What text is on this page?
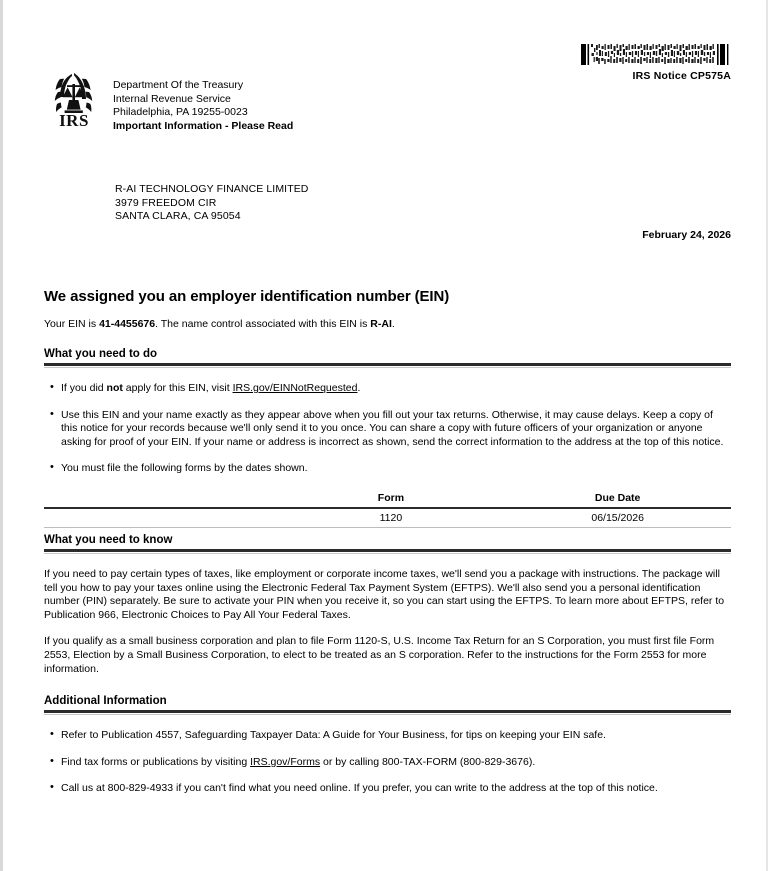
IRS Notice CP575A
IRS
Department Of the Treasury
Internal Revenue Service
Philadelphia, PA 19255-0023
Important Information - Please Read
R-AI TECHNOLOGY FINANCE LIMITED
3979 FREEDOM CIR
SANTA CLARA, CA 95054
February 24, 2026
We assigned you an employer identification number (EIN)

Your EIN is 41-4455676. The name control associated with this EIN is R-AI.

What you need to do
• If you did not apply for this EIN, visit IRS.gov/EINNotRequested.
• Use this EIN and your name exactly as they appear above when you fill out your tax returns. Otherwise, it may cause delays. Keep a copy of this notice for your records because we'll only send it to you once. You can share a copy with future officers of your organization or anyone asking for proof of your EIN. If your name or address is incorrect as shown, send the correct information to the address at the top of this notice.
• You must file the following forms by the dates shown.
	Form	Due Date
	1120	06/15/2026
What you need to know

If you need to pay certain types of taxes, like employment or corporate income taxes, we'll send you a package with instructions. The package will tell you how to pay your taxes online using the Electronic Federal Tax Payment System (EFTPS). We'll also send you a personal identification number (PIN) separately. Be sure to activate your PIN when you receive it, so you can start using the EFTPS. To learn more about EFTPS, refer to Publication 966, Electronic Choices to Pay All Your Federal Taxes.

If you qualify as a small business corporation and plan to file Form 1120-S, U.S. Income Tax Return for an S Corporation, you must first file Form 2553, Election by a Small Business Corporation, to elect to be treated as an S corporation. Refer to the instructions for the Form 2553 for more information.

Additional Information
• Refer to Publication 4557, Safeguarding Taxpayer Data: A Guide for Your Business, for tips on keeping your EIN safe.
• Find tax forms or publications by visiting IRS.gov/Forms or by calling 800-TAX-FORM (800-829-3676).
• Call us at 800-829-4933 if you can't find what you need online. If you prefer, you can write to the address at the top of this notice.
